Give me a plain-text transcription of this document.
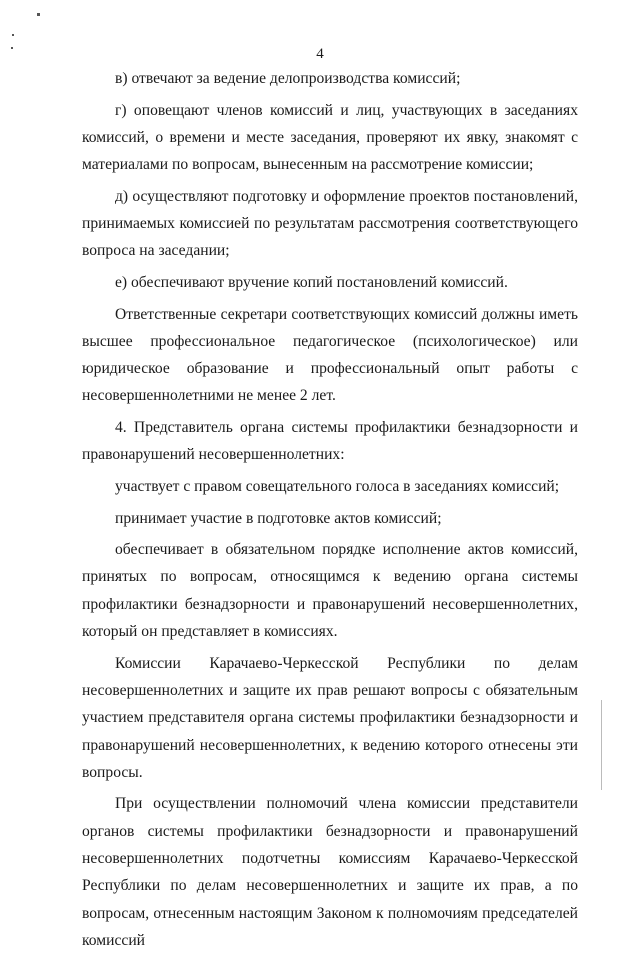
4

в) отвечают за ведение делопроизводства комиссий;

г) оповещают членов комиссий и лиц, участвующих в заседаниях комиссий, о времени и месте заседания, проверяют их явку, знакомят с материалами по вопросам, вынесенным на рассмотрение комиссии;

д) осуществляют подготовку и оформление проектов постановлений, принимаемых комиссией по результатам рассмотрения соответствующего вопроса на заседании;

е) обеспечивают вручение копий постановлений комиссий.

Ответственные секретари соответствующих комиссий должны иметь высшее профессиональное педагогическое (психологическое) или юридическое образование и профессиональный опыт работы с несовершеннолетними не менее 2 лет.

4. Представитель органа системы профилактики безнадзорности и правонарушений несовершеннолетних:

участвует с правом совещательного голоса в заседаниях комиссий;

принимает участие в подготовке актов комиссий;

обеспечивает в обязательном порядке исполнение актов комиссий, принятых по вопросам, относящимся к ведению органа системы профилактики безнадзорности и правонарушений несовершеннолетних, который он представляет в комиссиях.

Комиссии Карачаево-Черкесской Республики по делам несовершеннолетних и защите их прав решают вопросы с обязательным участием представителя органа системы профилактики безнадзорности и правонарушений несовершеннолетних, к ведению которого отнесены эти вопросы.

При осуществлении полномочий члена комиссии представители органов системы профилактики безнадзорности и правонарушений несовершеннолетних подотчетны комиссиям Карачаево-Черкесской Республики по делам несовершеннолетних и защите их прав, а по вопросам, отнесенным настоящим Законом к полномочиям председателей комиссий
